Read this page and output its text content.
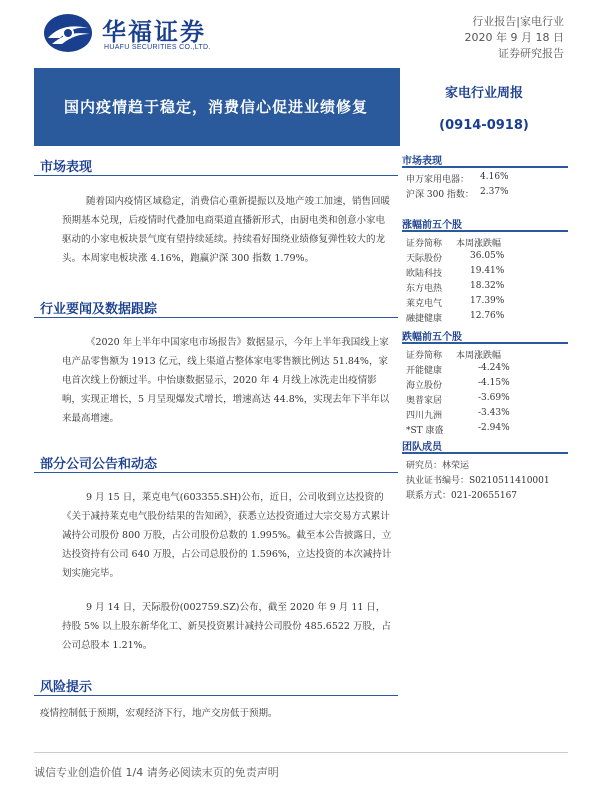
华福证券
HUAFU SECURITIES CO.,LTD.
行业报告|家电行业
2020 年 9 月 18 日
证券研究报告
国内疫情趋于稳定，消费信心促进业绩修复
家电行业周报
(0914-0918)
市场表现
随着国内疫情区域稳定，消费信心重新提振以及地产竣工加速，销售回暖预期基本兑现，后疫情时代叠加电商渠道直播新形式，由厨电类和创意小家电驱动的小家电板块景气度有望持续延续。持续看好围绕业绩修复弹性较大的龙头。本周家电板块涨 4.16%，跑赢沪深 300 指数 1.79%。
行业要闻及数据跟踪
《2020 年上半年中国家电市场报告》数据显示，今年上半年我国线上家电产品零售额为 1913 亿元，线上渠道占整体家电零售额比例达 51.84%，家电首次线上份额过半。中怡康数据显示，2020 年 4 月线上冰洗走出疫情影响，实现正增长，5 月呈现爆发式增长，增速高达 44.8%，实现去年下半年以来最高增速。
部分公司公告和动态
9 月 15 日，莱克电气(603355.SH)公布，近日，公司收到立达投资的《关于减持莱克电气股份结果的告知函》，获悉立达投资通过大宗交易方式累计减持公司股份 800 万股，占公司股份总数的 1.995%。截至本公告披露日，立达投资持有公司 640 万股，占公司总股份的 1.596%，立达投资的本次减持计划实施完毕。
9 月 14 日，天际股份(002759.SZ)公布，截至 2020 年 9 月 11 日，持股 5% 以上股东新华化工、新昊投资累计减持公司股份 485.6522 万股，占公司总股本 1.21%。
风险提示
疫情控制低于预期，宏观经济下行，地产交房低于预期。
市场表现
申万家用电器： 4.16%
沪深 300 指数： 2.37%
涨幅前五个股
证券简称 本周涨跌幅
天际股份	36.05%
欧陆科技	19.41%
东方电热	18.32%
莱克电气	17.39%
融捷健康	12.76%
跌幅前五个股
证券简称 本周涨跌幅
开能健康	-4.24%
海立股份	-4.15%
奥普家居	-3.69%
四川九洲	-3.43%
*ST 康盛	-2.94%
团队成员
研究员：林荣运
执业证书编号：S0210511410001
联系方式：021-20655167
诚信专业创造价值 1/4 请务必阅读末页的免责声明
